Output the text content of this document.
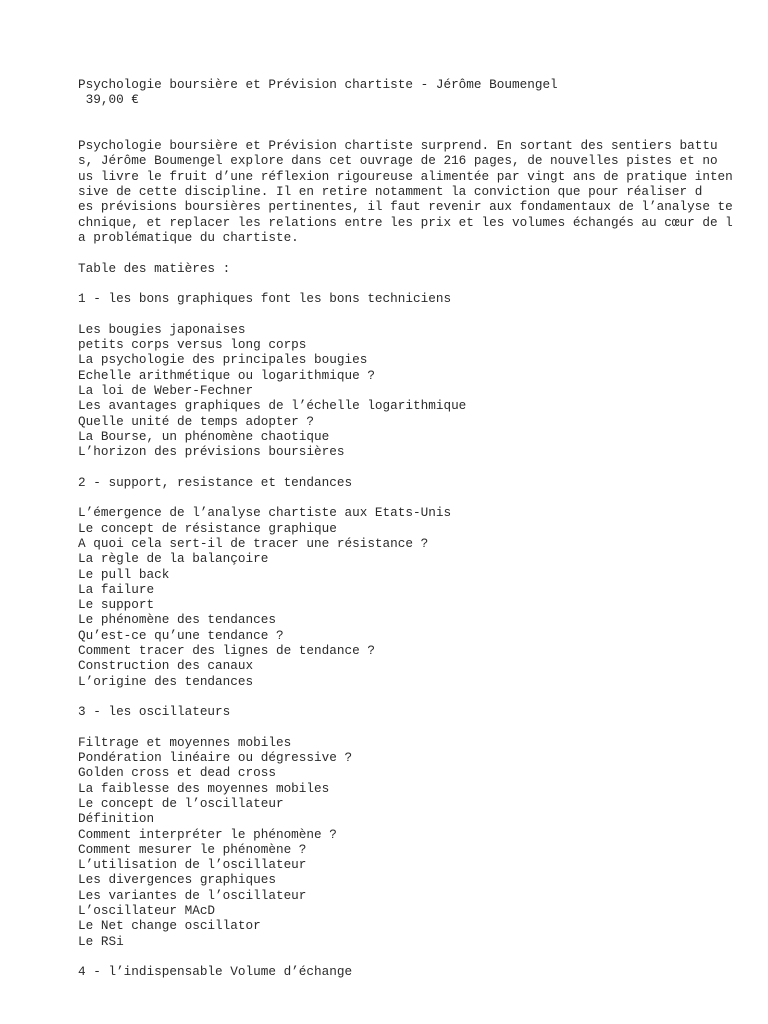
Psychologie boursière et Prévision chartiste - Jérôme Boumengel

39,00 €

Psychologie boursière et Prévision chartiste surprend. En sortant des sentiers battu

s, Jérôme Boumengel explore dans cet ouvrage de 216 pages, de nouvelles pistes et no

us livre le fruit d’une réflexion rigoureuse alimentée par vingt ans de pratique inten

sive de cette discipline. Il en retire notamment la conviction que pour réaliser d

es prévisions boursières pertinentes, il faut revenir aux fondamentaux de l’analyse te

chnique, et replacer les relations entre les prix et les volumes échangés au cœur de l

a problématique du chartiste.

Table des matières :

1 - les bons graphiques font les bons techniciens

Les bougies japonaises

petits corps versus long corps

La psychologie des principales bougies

Echelle arithmétique ou logarithmique ?

La loi de Weber-Fechner

Les avantages graphiques de l’échelle logarithmique

Quelle unité de temps adopter ?

La Bourse, un phénomène chaotique

L’horizon des prévisions boursières

2 - support, resistance et tendances

L’émergence de l’analyse chartiste aux Etats-Unis

Le concept de résistance graphique

A quoi cela sert-il de tracer une résistance ?

La règle de la balançoire

Le pull back

La failure

Le support

Le phénomène des tendances

Qu’est-ce qu’une tendance ?

Comment tracer des lignes de tendance ?

Construction des canaux

L’origine des tendances

3 - les oscillateurs

Filtrage et moyennes mobiles

Pondération linéaire ou dégressive ?

Golden cross et dead cross

La faiblesse des moyennes mobiles

Le concept de l’oscillateur

Définition

Comment interpréter le phénomène ?

Comment mesurer le phénomène ?

L’utilisation de l’oscillateur

Les divergences graphiques

Les variantes de l’oscillateur

L’oscillateur MAcD

Le Net change oscillator

Le RSi

4 - l’indispensable Volume d’échange
